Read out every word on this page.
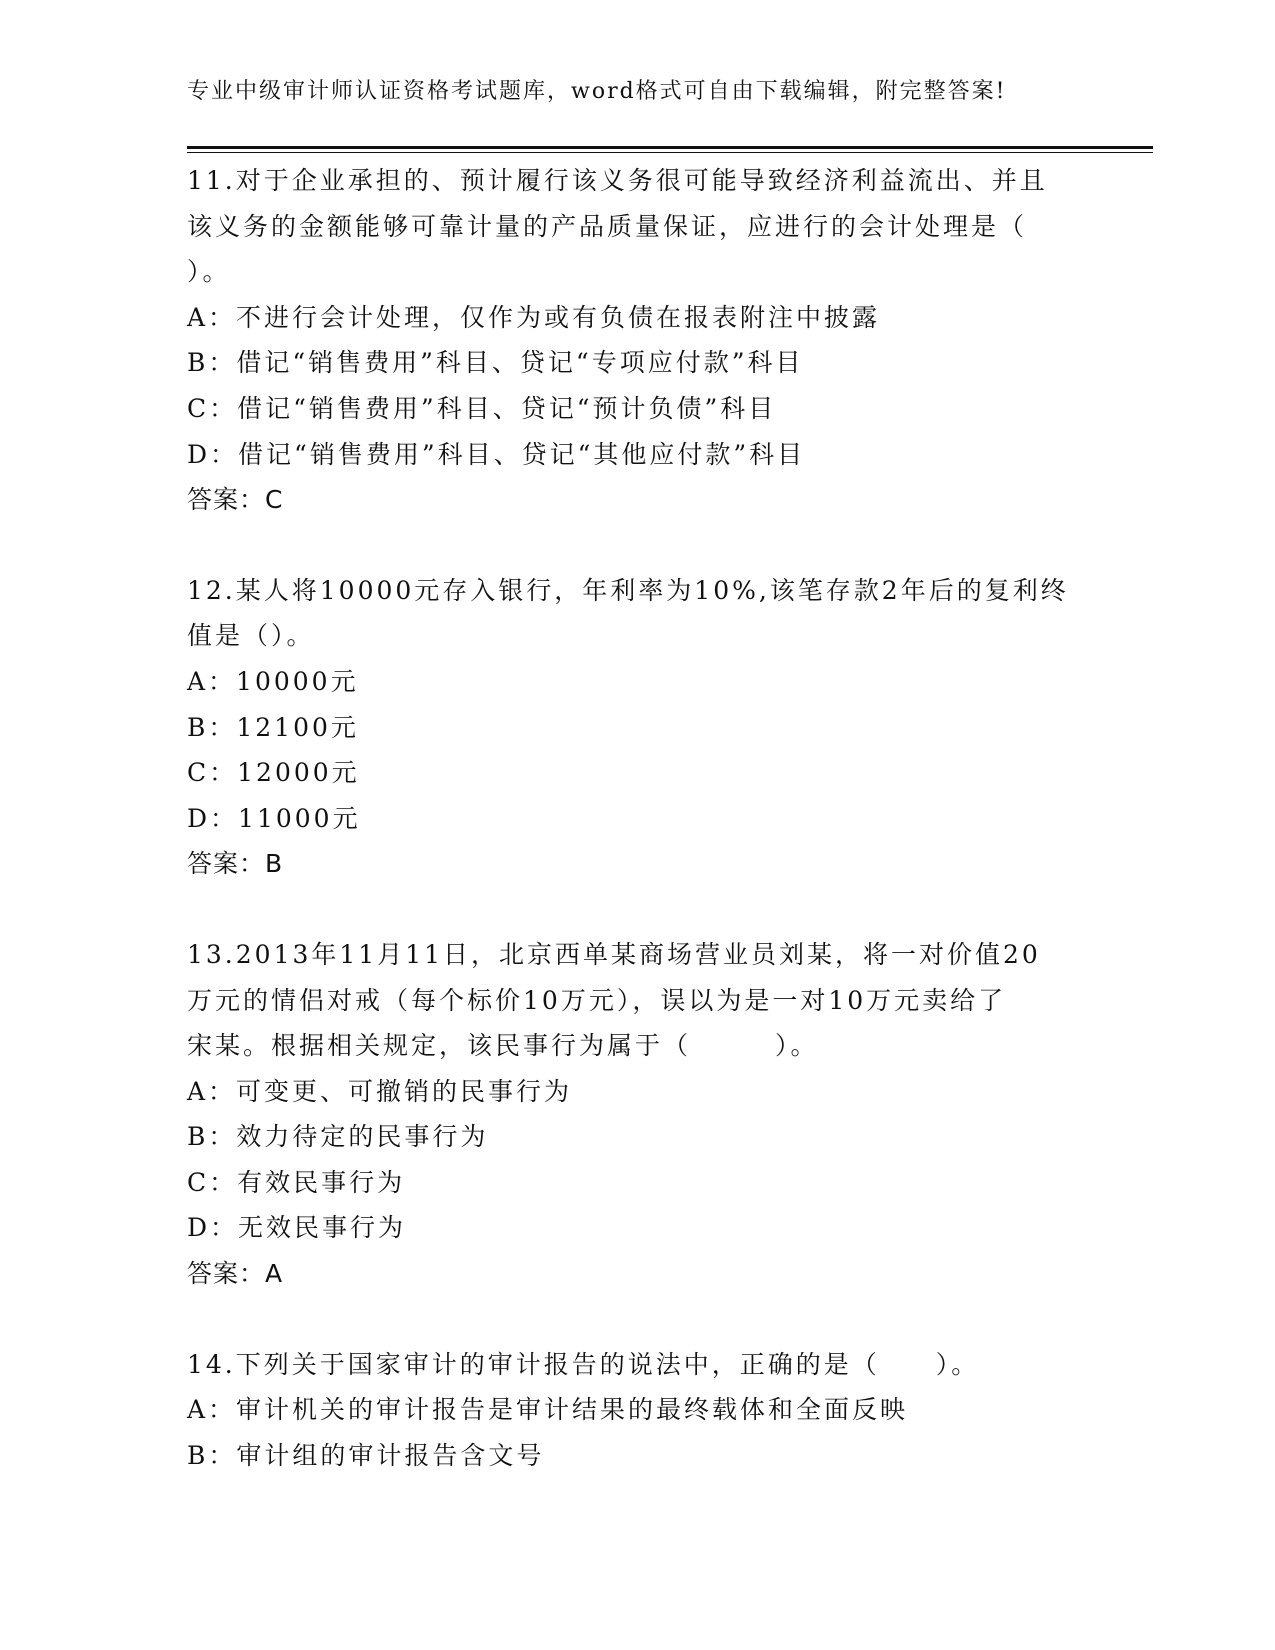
专业中级审计师认证资格考试题库，word格式可自由下载编辑，附完整答案!
11.对于企业承担的、预计履行该义务很可能导致经济利益流出、并且
该义务的金额能够可靠计量的产品质量保证，应进行的会计处理是（
）。
A：不进行会计处理，仅作为或有负债在报表附注中披露
B：借记“销售费用”科目、贷记“专项应付款”科目
C：借记“销售费用”科目、贷记“预计负债”科目
D：借记“销售费用”科目、贷记“其他应付款”科目
答案：C
12.某人将10000元存入银行，年利率为10%,该笔存款2年后的复利终
值是（）。
A：10000元
B：12100元
C：12000元
D：11000元
答案：B
13.2013年11月11日，北京西单某商场营业员刘某，将一对价值20
万元的情侣对戒（每个标价10万元），误以为是一对10万元卖给了
宋某。根据相关规定，该民事行为属于（　　　）。
A：可变更、可撤销的民事行为
B：效力待定的民事行为
C：有效民事行为
D：无效民事行为
答案：A
14.下列关于国家审计的审计报告的说法中，正确的是（　　）。
A：审计机关的审计报告是审计结果的最终载体和全面反映
B：审计组的审计报告含文号
